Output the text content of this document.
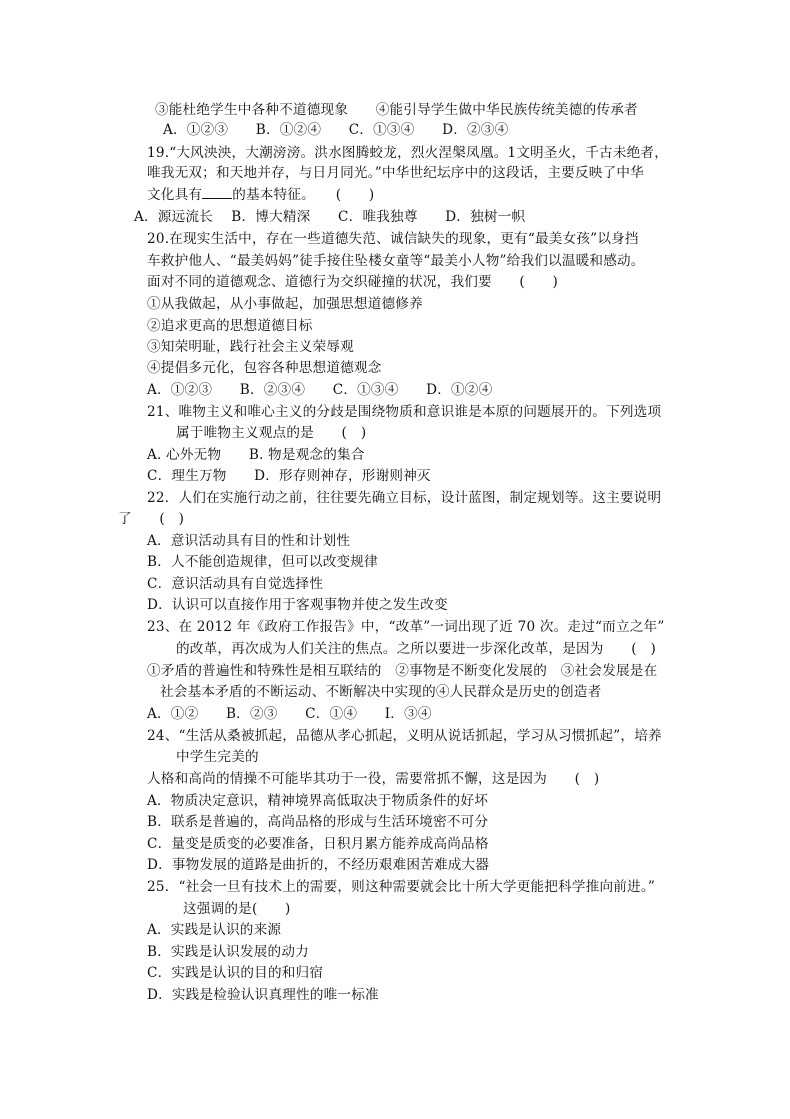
③能杜绝学生中各种不道德现象　　④能引导学生做中华民族传统美德的传承者
A．①②③　　B．①②④　　C．①③④　　D．②③④
19.“大风泱泱，大潮滂滂。洪水图腾蛟龙，烈火涅槃凤凰。1文明圣火，千古未绝者，
唯我无双；和天地并存，与日月同光。”中华世纪坛序中的这段话，主要反映了中华
文化具有 的基本特征。　　(　　)
A．源远流长　 B．博大精深　　C．唯我独尊　　D．独树一帜
20.在现实生活中，存在一些道德失范、诚信缺失的现象，更有“最美女孩”以身挡
车救护他人、“最美妈妈”徒手接住坠楼女童等“最美小人物”给我们以温暖和感动。
面对不同的道德观念、道德行为交织碰撞的状况，我们要　　(　　)
①从我做起，从小事做起，加强思想道德修养
②追求更高的思想道德目标
③知荣明耻，践行社会主义荣辱观
④提倡多元化，包容各种思想道德观念
A．①②③　　B．②③④　　C．①③④　　D．①②④
21、唯物主义和唯心主义的分歧是围绕物质和意识谁是本原的问题展开的。下列选项
属于唯物主义观点的是　　(　)
A. 心外无物　　B. 物是观念的集合
C．理生万物　　D．形存则神存，形谢则神灭
22．人们在实施行动之前，往往要先确立目标，设计蓝图，制定规划等。这主要说明
了　　(　)
A．意识活动具有目的性和计划性
B．人不能创造规律，但可以改变规律
C．意识活动具有自觉选择性
D．认识可以直接作用于客观事物并使之发生改变
23、在 2012 年《政府工作报告》中，“改革”一词出现了近 70 次。走过“而立之年”
的改革，再次成为人们关注的焦点。之所以要进一步深化改革，是因为　　(　)
①矛盾的普遍性和特殊性是相互联结的　②事物是不断变化发展的　③社会发展是在
社会基本矛盾的不断运动、不断解决中实现的④人民群众是历史的创造者
A．①②　　B．②③　　C．①④　　I．③④
24、“生活从桑被抓起，品德从孝心抓起，义明从说话抓起，学习从习惯抓起”，培养
中学生完美的
人格和高尚的情操不可能毕其功于一役，需要常抓不懈，这是因为　　(　)
A．物质决定意识，精神境界高低取决于物质条件的好坏
B．联系是普遍的，高尚品格的形成与生活环境密不可分
C．量变是质变的必要准备，日积月累方能养成高尚品格
D．事物发展的道路是曲折的，不经历艰难困苦难成大器
25．“社会一旦有技术上的需要，则这种需要就会比十所大学更能把科学推向前进。”
这强调的是(　　)
A．实践是认识的来源
B．实践是认识发展的动力
C．实践是认识的目的和归宿
D．实践是检验认识真理性的唯一标准
